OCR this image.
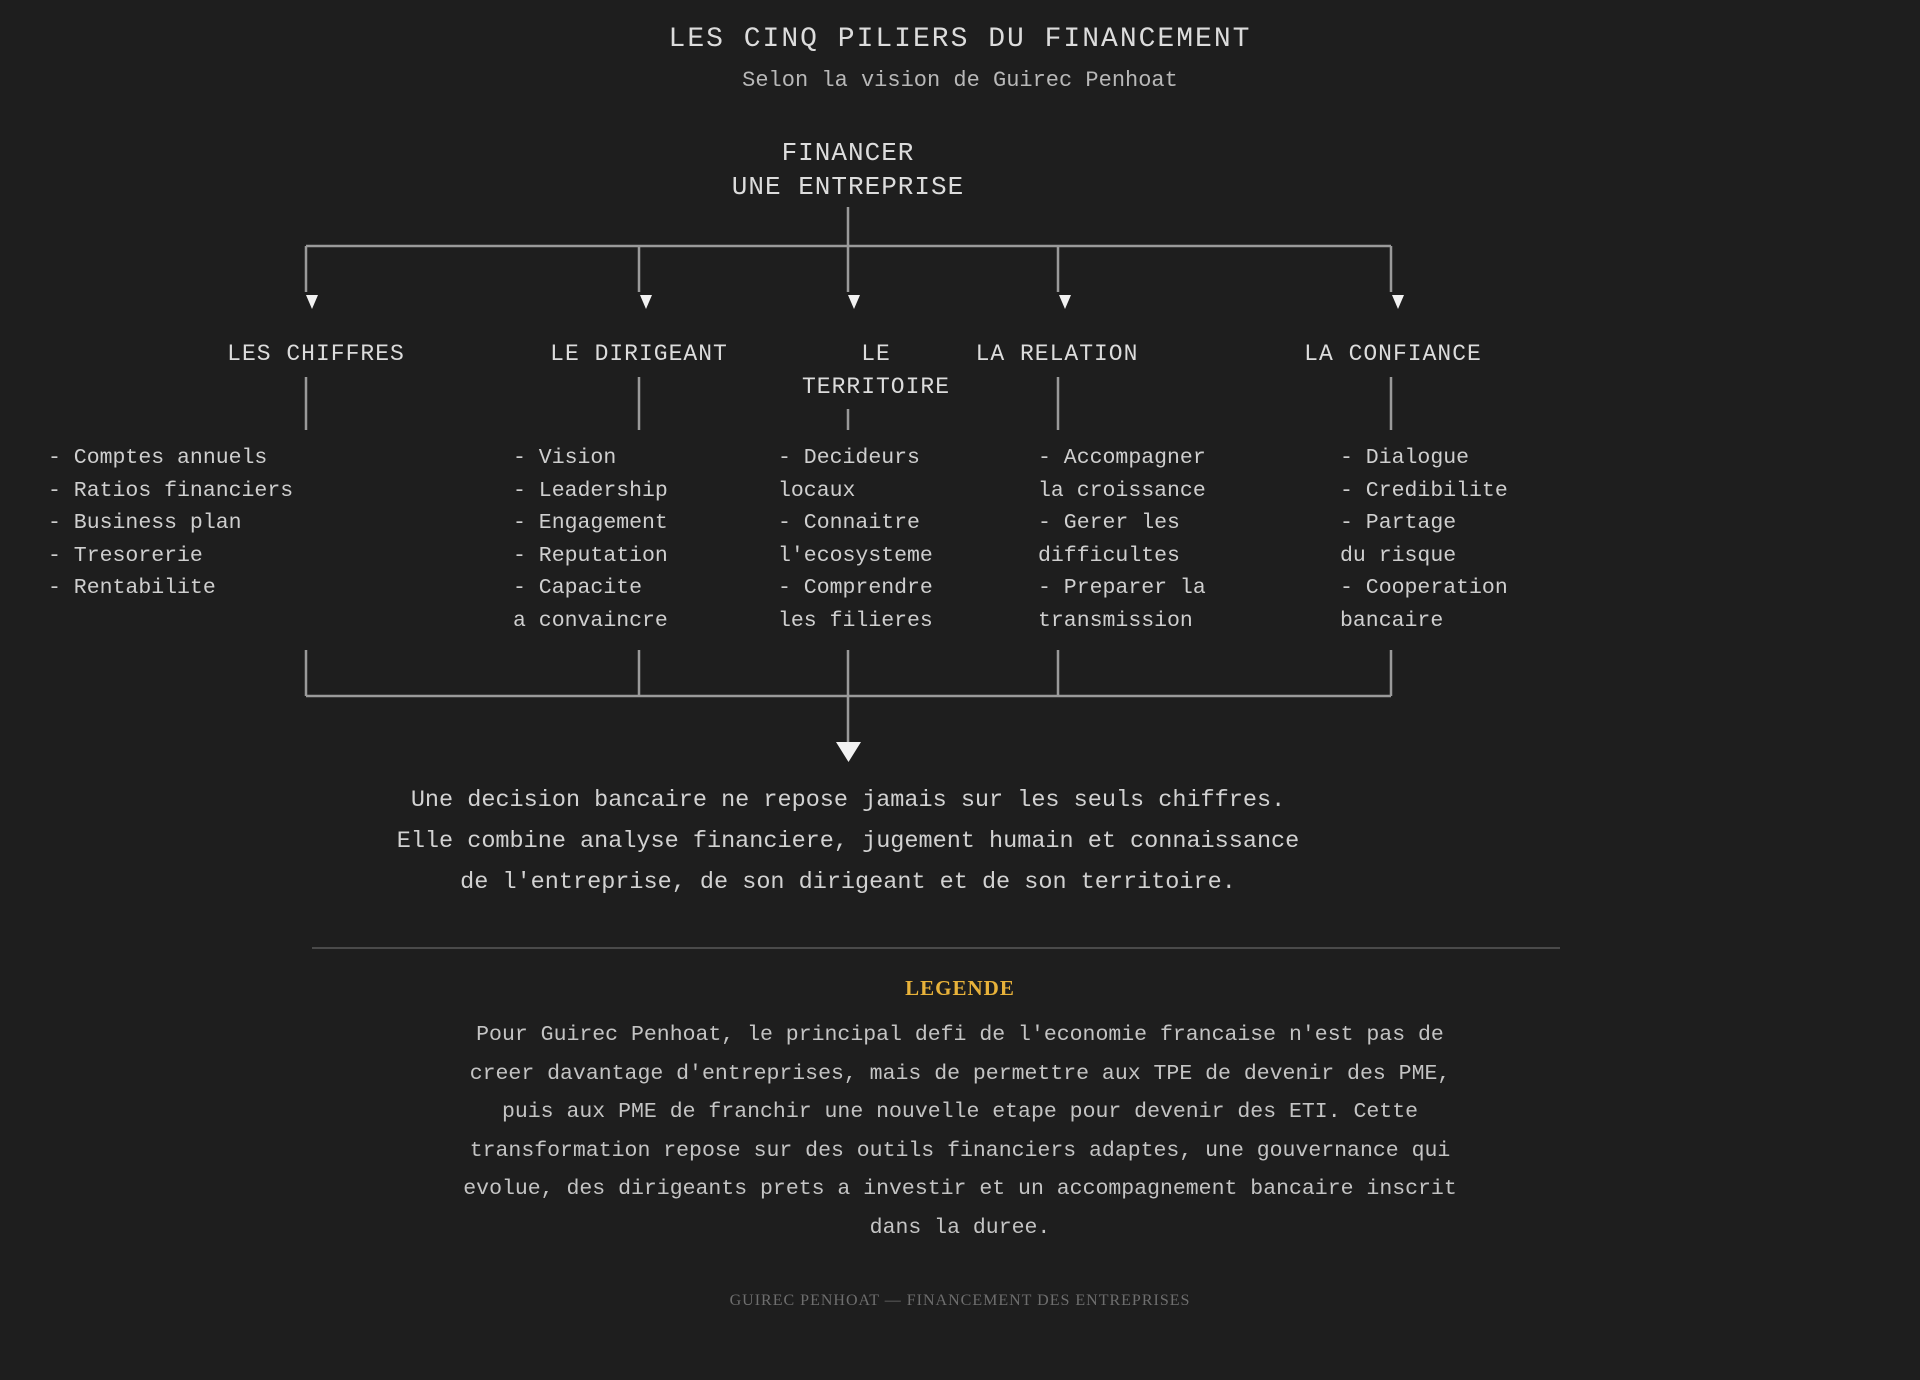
LES CINQ PILIERS DU FINANCEMENT
Selon la vision de Guirec Penhoat
FINANCER
UNE ENTREPRISE
LES CHIFFRES	LE DIRIGEANT	LE
TERRITOIRE
LA RELATION	LA CONFIANCE
- Comptes annuels
- Ratios financiers
- Business plan
- Tresorerie
- Rentabilite
- Vision
- Leadership
- Engagement
- Reputation
- Capacite
a convaincre
- Decideurs
locaux
- Connaitre
l'ecosysteme
- Comprendre
les filieres
- Accompagner
la croissance
- Gerer les
difficultes
- Preparer la
transmission
- Dialogue
- Credibilite
- Partage
du risque
- Cooperation
bancaire
Une decision bancaire ne repose jamais sur les seuls chiffres.
Elle combine analyse financiere, jugement humain et connaissance
de l'entreprise, de son dirigeant et de son territoire.
LEGENDE
Pour Guirec Penhoat, le principal defi de l'economie francaise n'est pas de creer davantage d'entreprises, mais de permettre aux TPE de devenir des PME, puis aux PME de franchir une nouvelle etape pour devenir des ETI. Cette transformation repose sur des outils financiers adaptes, une gouvernance qui evolue, des dirigeants prets a investir et un accompagnement bancaire inscrit dans la duree.
GUIREC PENHOAT — FINANCEMENT DES ENTREPRISES
